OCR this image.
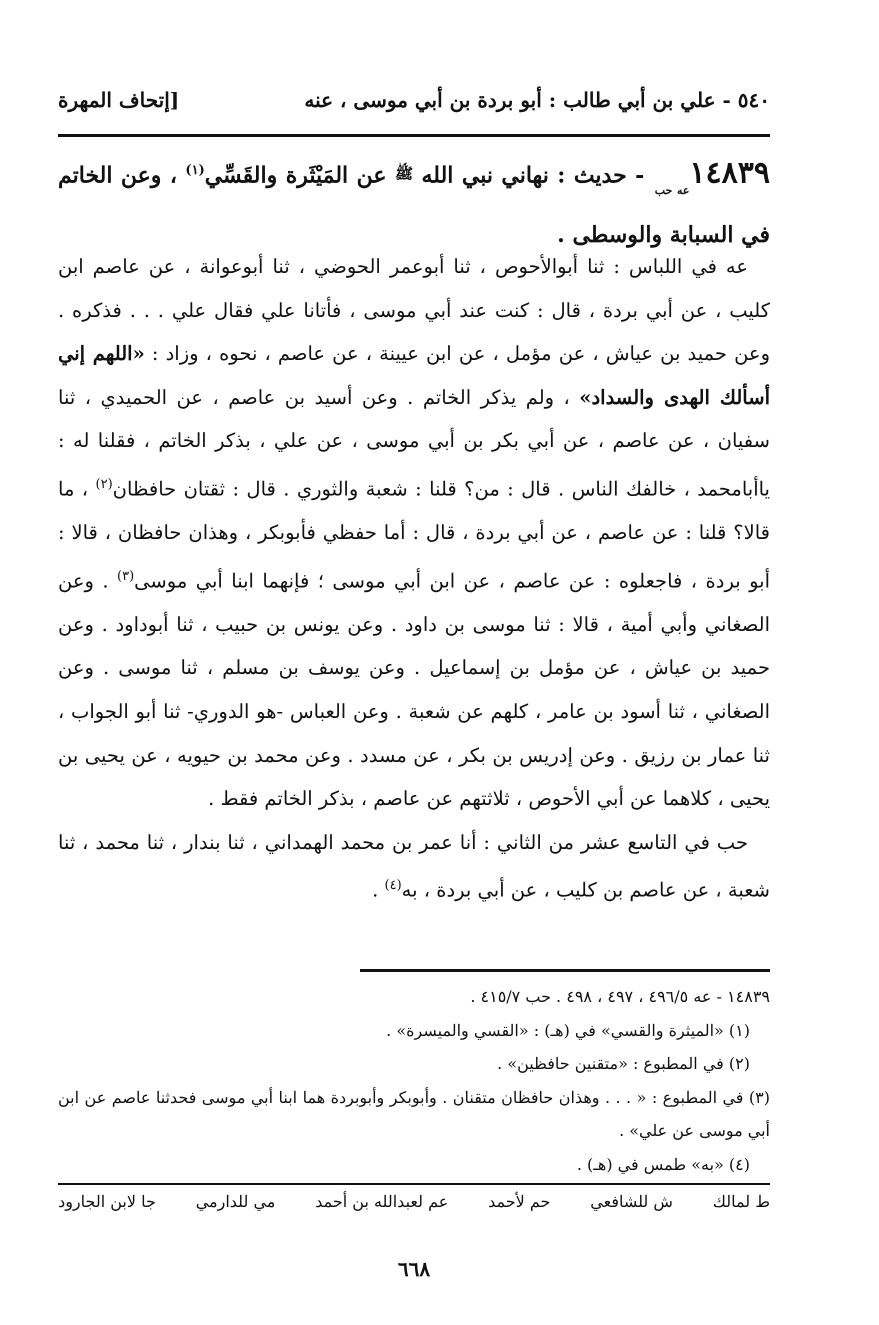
٥٤٠ - علي بن أبي طالب : أبو بردة بن أبي موسى ، عنه
[إتحاف المهرة
$١٤٨٣٩_{عه حب}$ - حديث : نهاني نبي الله ﷺ عن المَيْثَرة والقَسِّي$^{(١)}$ ، وعن الخاتم في السبابة والوسطى .

عه في اللباس : ثنا أبوالأحوص ، ثنا أبوعمر الحوضي ، ثنا أبوعوانة ، عن عاصم ابن كليب ، عن أبي بردة ، قال : كنت عند أبي موسى ، فأتانا علي فقال علي . . . فذكره . وعن حميد بن عياش ، عن مؤمل ، عن ابن عيينة ، عن عاصم ، نحوه ، وزاد : «اللهم إني أسألك الهدى والسداد» ، ولم يذكر الخاتم . وعن أسيد بن عاصم ، عن الحميدي ، ثنا سفيان ، عن عاصم ، عن أبي بكر بن أبي موسى ، عن علي ، بذكر الخاتم ، فقلنا له : ياأبامحمد ، خالفك الناس . قال : من؟ قلنا : شعبة والثوري . قال : ثقتان حافظان$^{(٢)}$ ، ما قالا؟ قلنا : عن عاصم ، عن أبي بردة ، قال : أما حفظي فأبوبكر ، وهذان حافظان ، قالا : أبو بردة ، فاجعلوه : عن عاصم ، عن ابن أبي موسى ؛ فإنهما ابنا أبي موسى$^{(٣)}$ . وعن الصغاني وأبي أمية ، قالا : ثنا موسى بن داود . وعن يونس بن حبيب ، ثنا أبوداود . وعن حميد بن عياش ، عن مؤمل بن إسماعيل . وعن يوسف بن مسلم ، ثنا موسى . وعن الصغاني ، ثنا أسود بن عامر ، كلهم عن شعبة . وعن العباس -هو الدوري- ثنا أبو الجواب ، ثنا عمار بن رزيق . وعن إدريس بن بكر ، عن مسدد . وعن محمد بن حيويه ، عن يحيى بن يحيى ، كلاهما عن أبي الأحوص ، ثلاثتهم عن عاصم ، بذكر الخاتم فقط .

حب في التاسع عشر من الثاني : أنا عمر بن محمد الهمداني ، ثنا بندار ، ثنا محمد ، ثنا شعبة ، عن عاصم بن كليب ، عن أبي بردة ، به$^{(٤)}$ .

١٤٨٣٩ - عه ٤٩٦/٥ ، ٤٩٧ ، ٤٩٨ . حب ٤١٥/٧ .

(١) «الميثرة والقسي» في (هـ) : «القسي والميسرة» .

(٢) في المطبوع : «متقنين حافظين» .

(٣) في المطبوع : « . . . وهذان حافظان متقنان . وأبوبكر وأبوبردة هما ابنا أبي موسى فحدثنا عاصم عن ابن أبي موسى عن علي» .

(٤) «به» طمس في (هـ) .

ط لمالك
ش للشافعي
حم لأحمد
عم لعبدالله بن أحمد
مي للدارمي
جا لابن الجارود
٦٦٨
